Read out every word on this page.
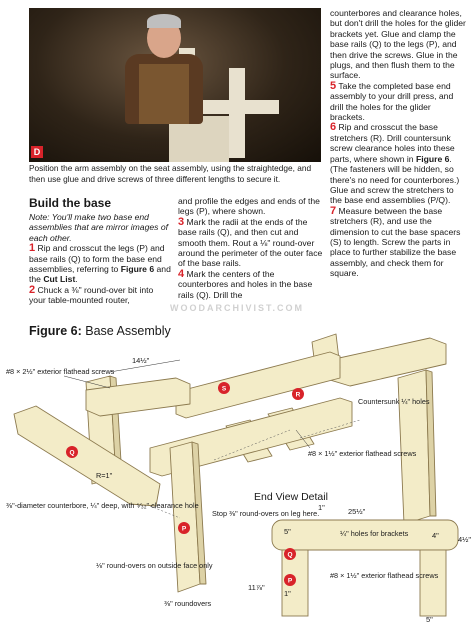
D
Position the arm assembly on the seat assembly, using the straightedge, and then use glue and drive screws of three different lengths to secure it.

counterbores and clearance holes, but don't drill the holes for the glider brackets yet. Glue and clamp the base rails (Q) to the legs (P), and then drive the screws. Glue in the plugs, and then flush them to the surface.

5 Take the completed base end assembly to your drill press, and drill the holes for the glider brackets.

6 Rip and crosscut the base stretchers (R). Drill countersunk screw clearance holes into these parts, where shown in Figure 6. (The fasteners will be hidden, so there's no need for counterbores.) Glue and screw the stretchers to the base end assemblies (P/Q).

7 Measure between the base stretchers (R), and use the dimension to cut the base spacers (S) to length. Screw the parts in place to further stabilize the base assembly, and check them for square.

Build the base

Note: You'll make two base end assemblies that are mirror images of each other.

1 Rip and crosscut the legs (P) and base rails (Q) to form the base end assemblies, referring to Figure 6 and the Cut List.

2 Chuck a ⅜" round-over bit into your table-mounted router,

and profile the edges and ends of the legs (P), where shown.

3 Mark the radii at the ends of the base rails (Q), and then cut and smooth them. Rout a ⅛" round-over around the perimeter of the outer face of the base rails.

4 Mark the centers of the counterbores and holes in the base rails (Q). Drill the

WOODARCHIVIST.COM
Figure 6: Base Assembly
14½"
#8 × 2½" exterior flathead screws
Countersunk ¼" holes
#8 × 1½" exterior flathead screws
⅜"-diameter counterbore, ¼" deep, with ⁵⁄₃₂" clearance hole
R=1"
Stop ⅜" round-overs on leg here.
⅛" round-overs on outside face only
⅜" roundovers
S
R
Q
P
End View Detail
25½"
1"
5"	¼" holes for brackets	4"	4½"
Q
P
1"
#8 × 1½" exterior flathead screws
11⅞"
5"
